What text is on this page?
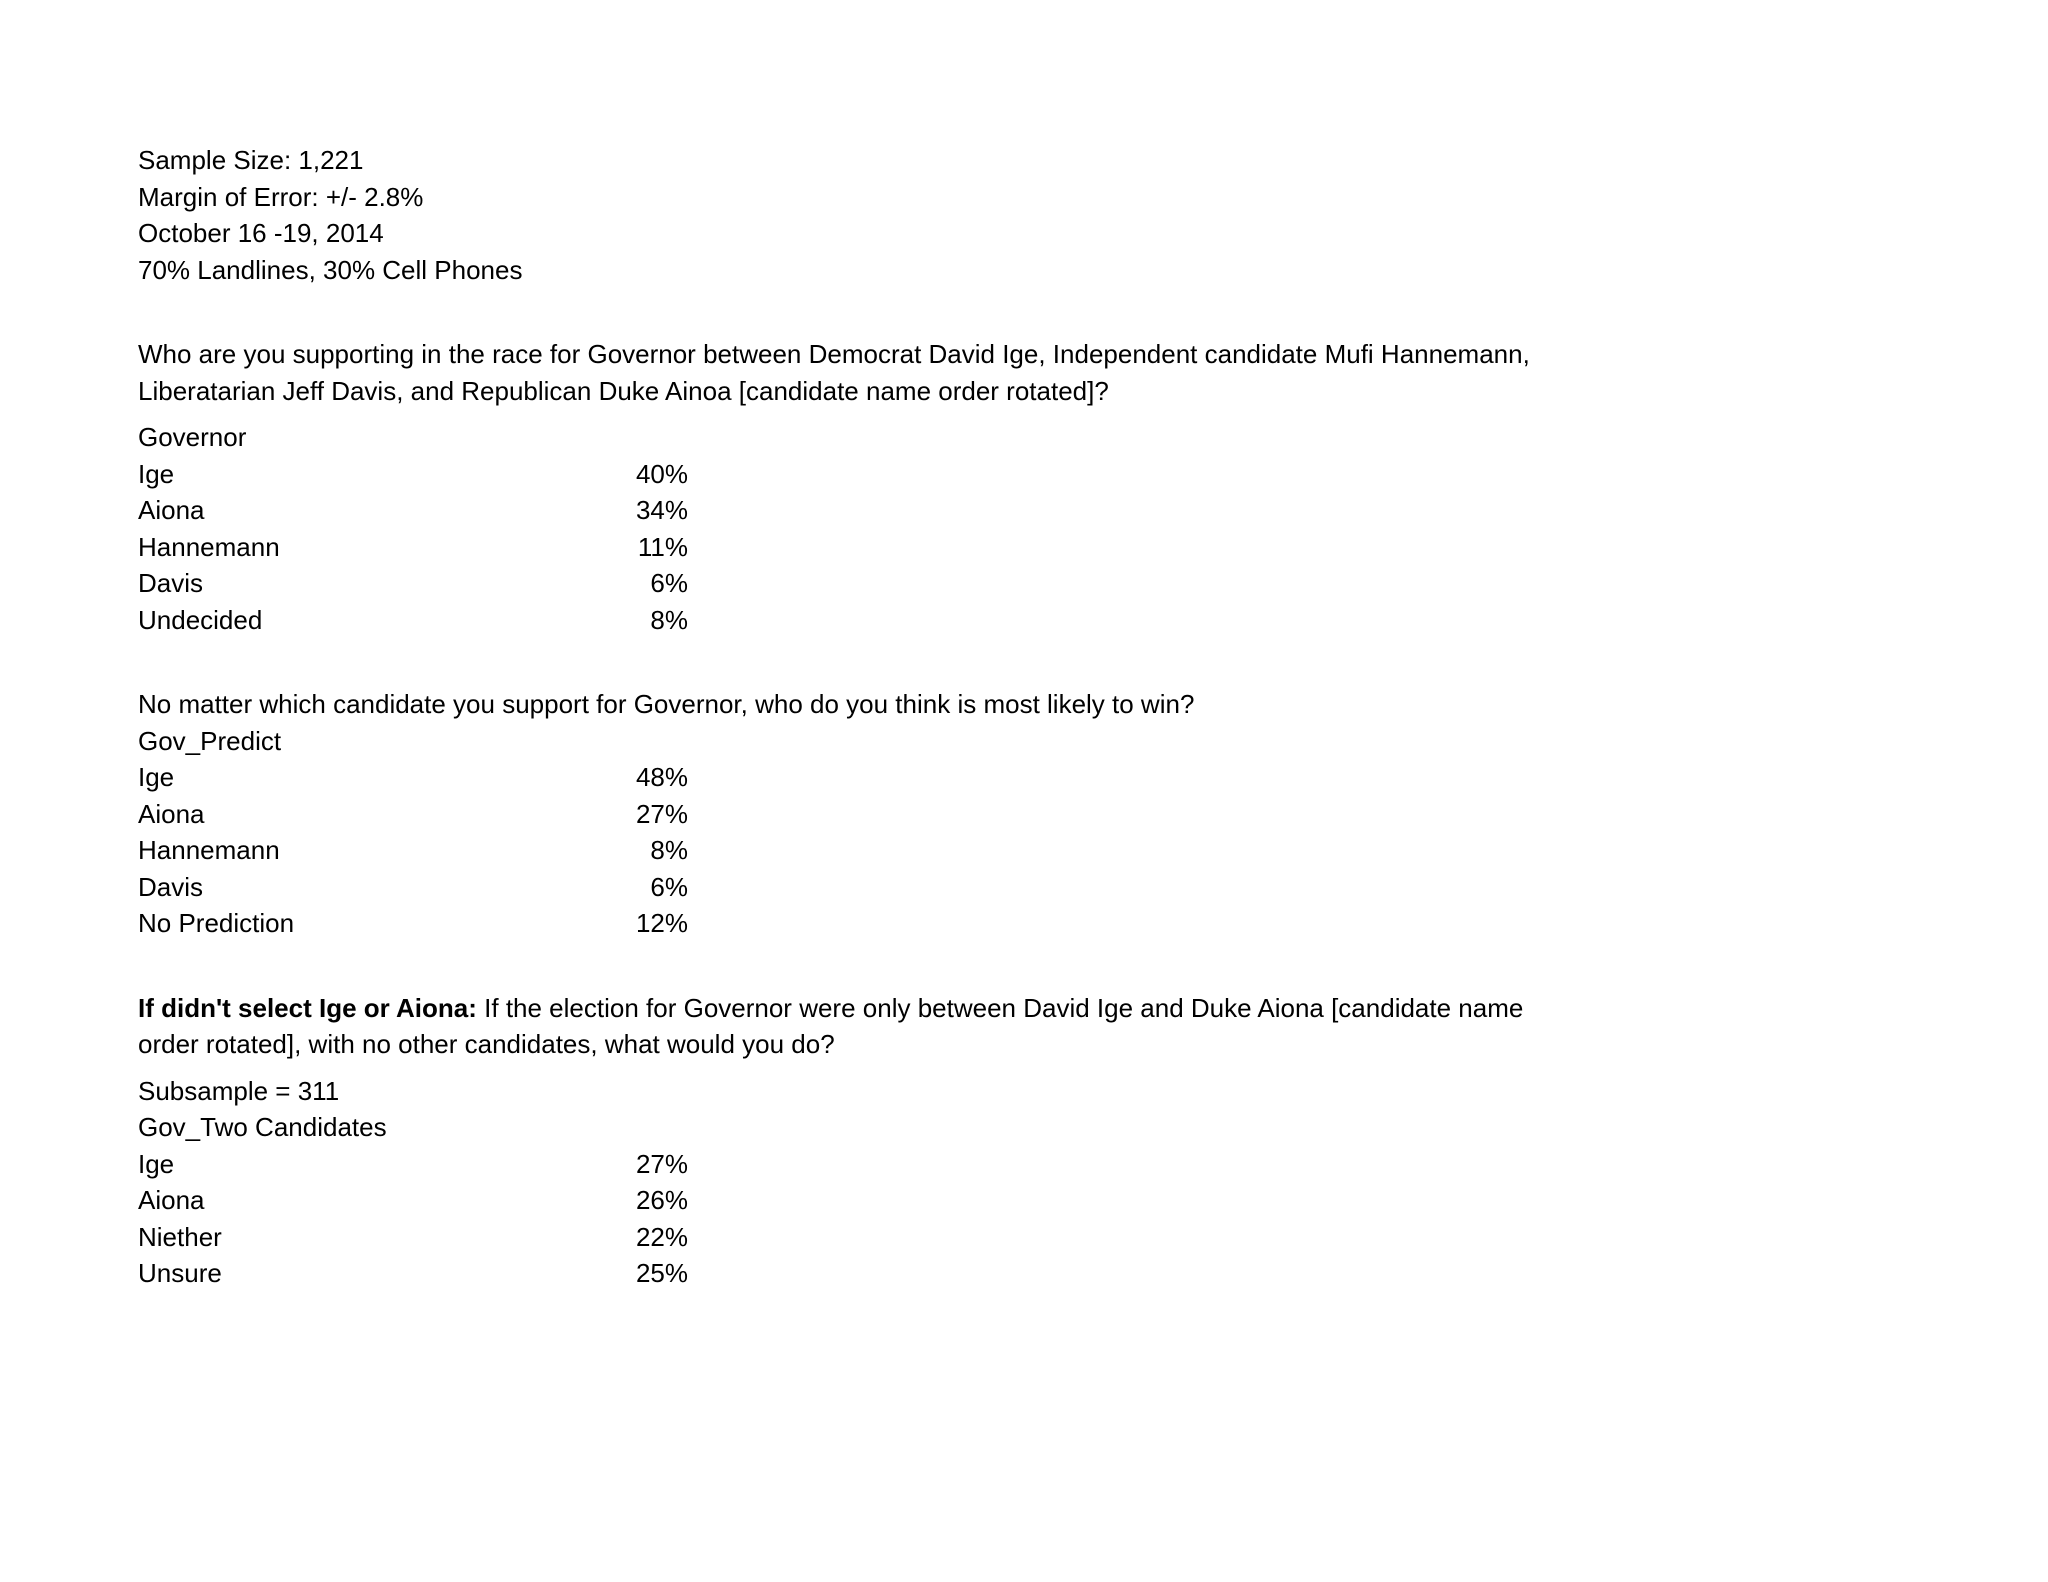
Sample Size: 1,221
Margin of Error: +/- 2.8%
October 16 -19, 2014
70% Landlines, 30% Cell Phones
Who are you supporting in the race for Governor between Democrat David Ige, Independent candidate Mufi Hannemann, Liberatarian Jeff Davis, and Republican Duke Ainoa [candidate name order rotated]?
Governor
Ige	40%
Aiona	34%
Hannemann	11%
Davis	6%
Undecided	8%
No matter which candidate you support for Governor, who do you think is most likely to win?
Gov_Predict
Ige	48%
Aiona	27%
Hannemann	8%
Davis	6%
No Prediction	12%
If didn't select Ige or Aiona: If the election for Governor were only between David Ige and Duke Aiona [candidate name order rotated], with no other candidates, what would you do?
Subsample = 311
Gov_Two Candidates
Ige	27%
Aiona	26%
Niether	22%
Unsure	25%
